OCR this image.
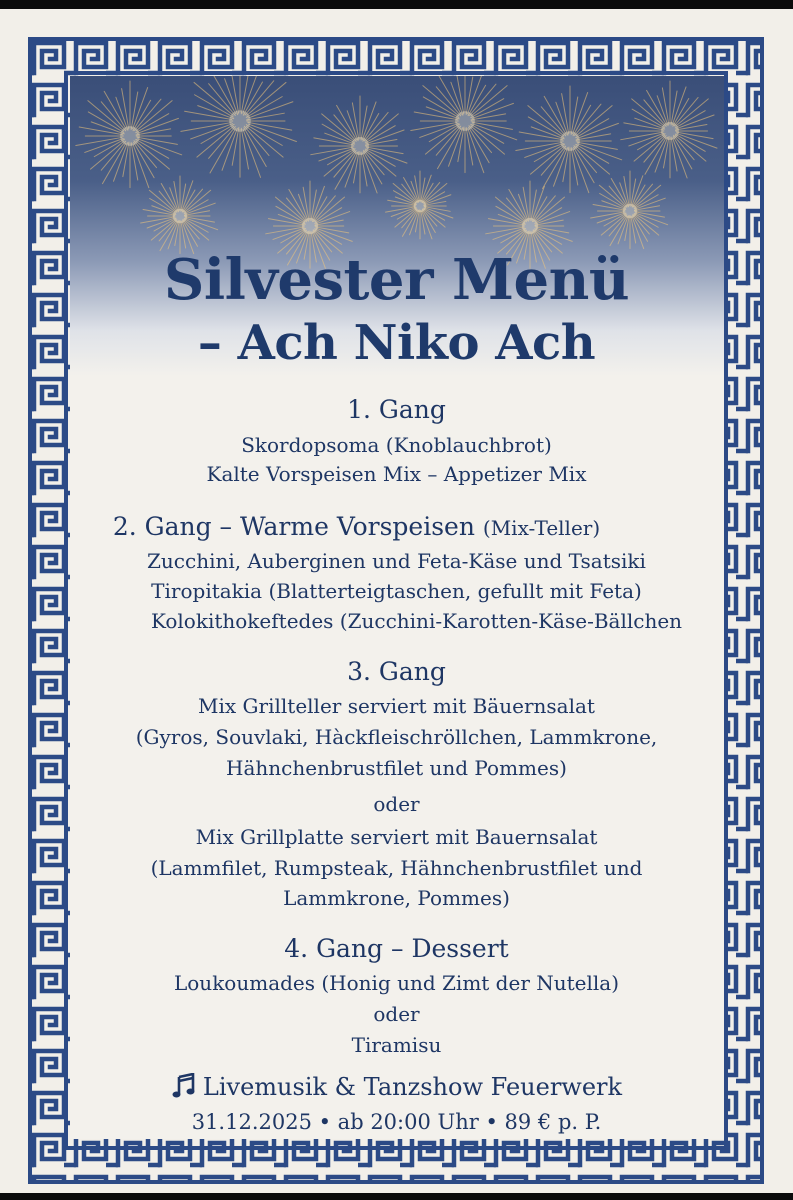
Silvester Menü
– Ach Niko Ach
1. Gang
Skordopsoma (Knoblauchbrot)
Kalte Vorspeisen Mix – Appetizer Mix
2. Gang – Warme Vorspeisen (Mix-Teller)
Zucchini, Auberginen und Feta-Käse und Tsatsiki
Tiropitakia (Blatterteigtaschen, gefullt mit Feta)
Kolokithokeftedes (Zucchini-Karotten-Käse-Bällchen
3. Gang
Mix Grillteller serviert mit Bäuernsalat
(Gyros, Souvlaki, Hàckfleischröllchen, Lammkrone,
Hähnchenbrustfilet und Pommes)
oder
Mix Grillplatte serviert mit Bauernsalat
(Lammfilet, Rumpsteak, Hähnchenbrustfilet und
Lammkrone, Pommes)
4. Gang – Dessert
Loukoumades (Honig und Zimt der Nutella)
oder
Tiramisu
Livemusik & Tanzshow Feuerwerk
31.12.2025 • ab 20:00 Uhr • 89 € p. P.
